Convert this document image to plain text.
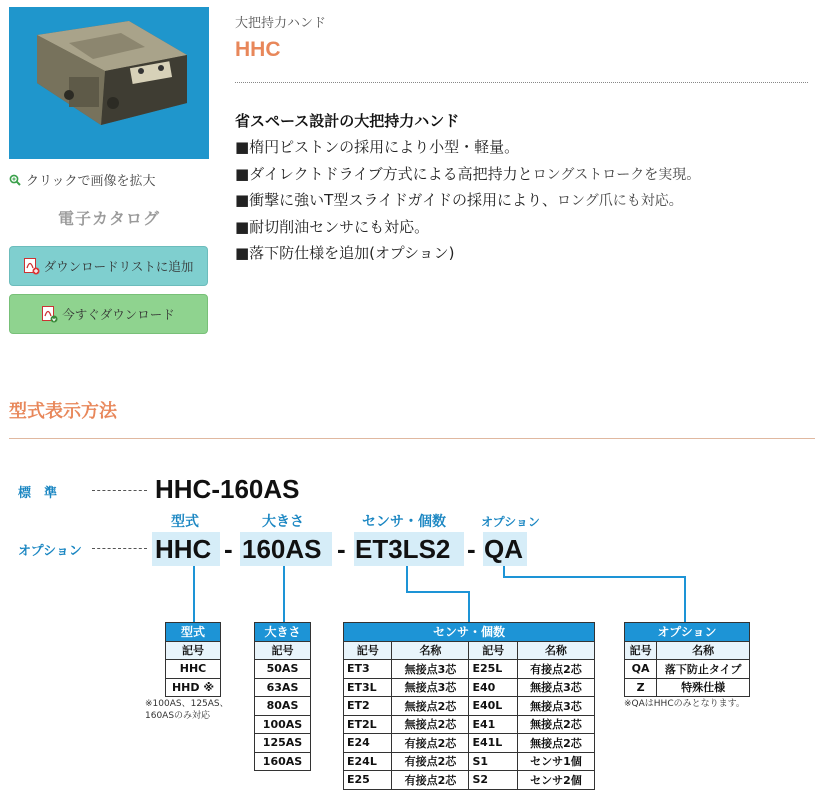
クリックで画像を拡大
電子カタログ
ダウンロードリストに追加
今すぐダウンロード
大把持力ハンド
HHC
省スペース設計の大把持力ハンド
■楕円ピストンの採用により小型・軽量。
■ダイレクトドライブ方式による高把持力とロングストロークを実現。
■衝撃に強いT型スライドガイドの採用により、ロング爪にも対応。
■耐切削油センサにも対応。
■落下防仕様を追加(オプション)
型式表示方法
標　準	HHC-160AS
オプション
型式	大きさ	センサ・個数	オプション
HHC - 160AS - ET3LS2 - QA
型式
記号
HHC
HHD ※
※100AS、125AS、160ASのみ対応
大きさ
記号
50AS
63AS
80AS
100AS
125AS
160AS
センサ・個数			
記号	名称	記号	名称
ET3	無接点3芯	E25L	有接点2芯
ET3L	無接点3芯	E40	無接点3芯
ET2	無接点2芯	E40L	無接点3芯
ET2L	無接点2芯	E41	無接点2芯
E24	有接点2芯	E41L	無接点2芯
E24L	有接点2芯	S1	センサ1個
E25	有接点2芯	S2	センサ2個
オプション	
記号	名称
QA	落下防止タイプ
Z	特殊仕様
※QAはHHCのみとなります。
